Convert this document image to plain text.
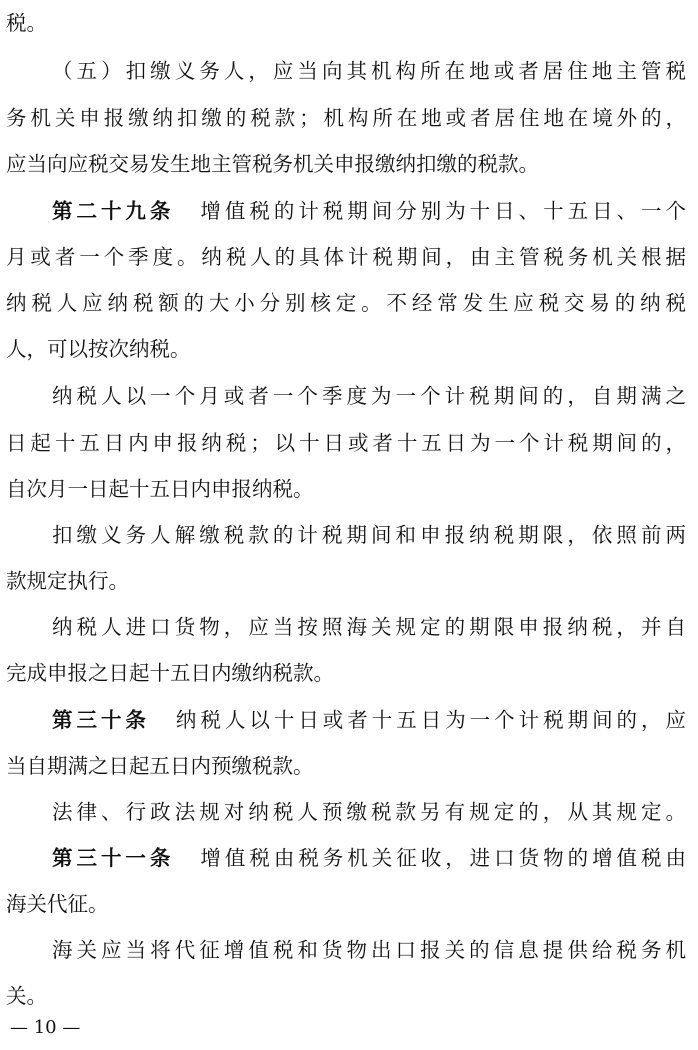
税。
（五）扣缴义务人，应当向其机构所在地或者居住地主管税
务机关申报缴纳扣缴的税款；机构所在地或者居住地在境外的，
应当向应税交易发生地主管税务机关申报缴纳扣缴的税款。
第二十九条 增值税的计税期间分别为十日、十五日、一个
月或者一个季度。纳税人的具体计税期间，由主管税务机关根据
纳税人应纳税额的大小分别核定。不经常发生应税交易的纳税
人，可以按次纳税。
纳税人以一个月或者一个季度为一个计税期间的，自期满之
日起十五日内申报纳税；以十日或者十五日为一个计税期间的，
自次月一日起十五日内申报纳税。
扣缴义务人解缴税款的计税期间和申报纳税期限，依照前两
款规定执行。
纳税人进口货物，应当按照海关规定的期限申报纳税，并自
完成申报之日起十五日内缴纳税款。
第三十条 纳税人以十日或者十五日为一个计税期间的，应
当自期满之日起五日内预缴税款。
法律、行政法规对纳税人预缴税款另有规定的，从其规定。
第三十一条 增值税由税务机关征收，进口货物的增值税由
海关代征。
海关应当将代征增值税和货物出口报关的信息提供给税务机
关。
— 10 —
